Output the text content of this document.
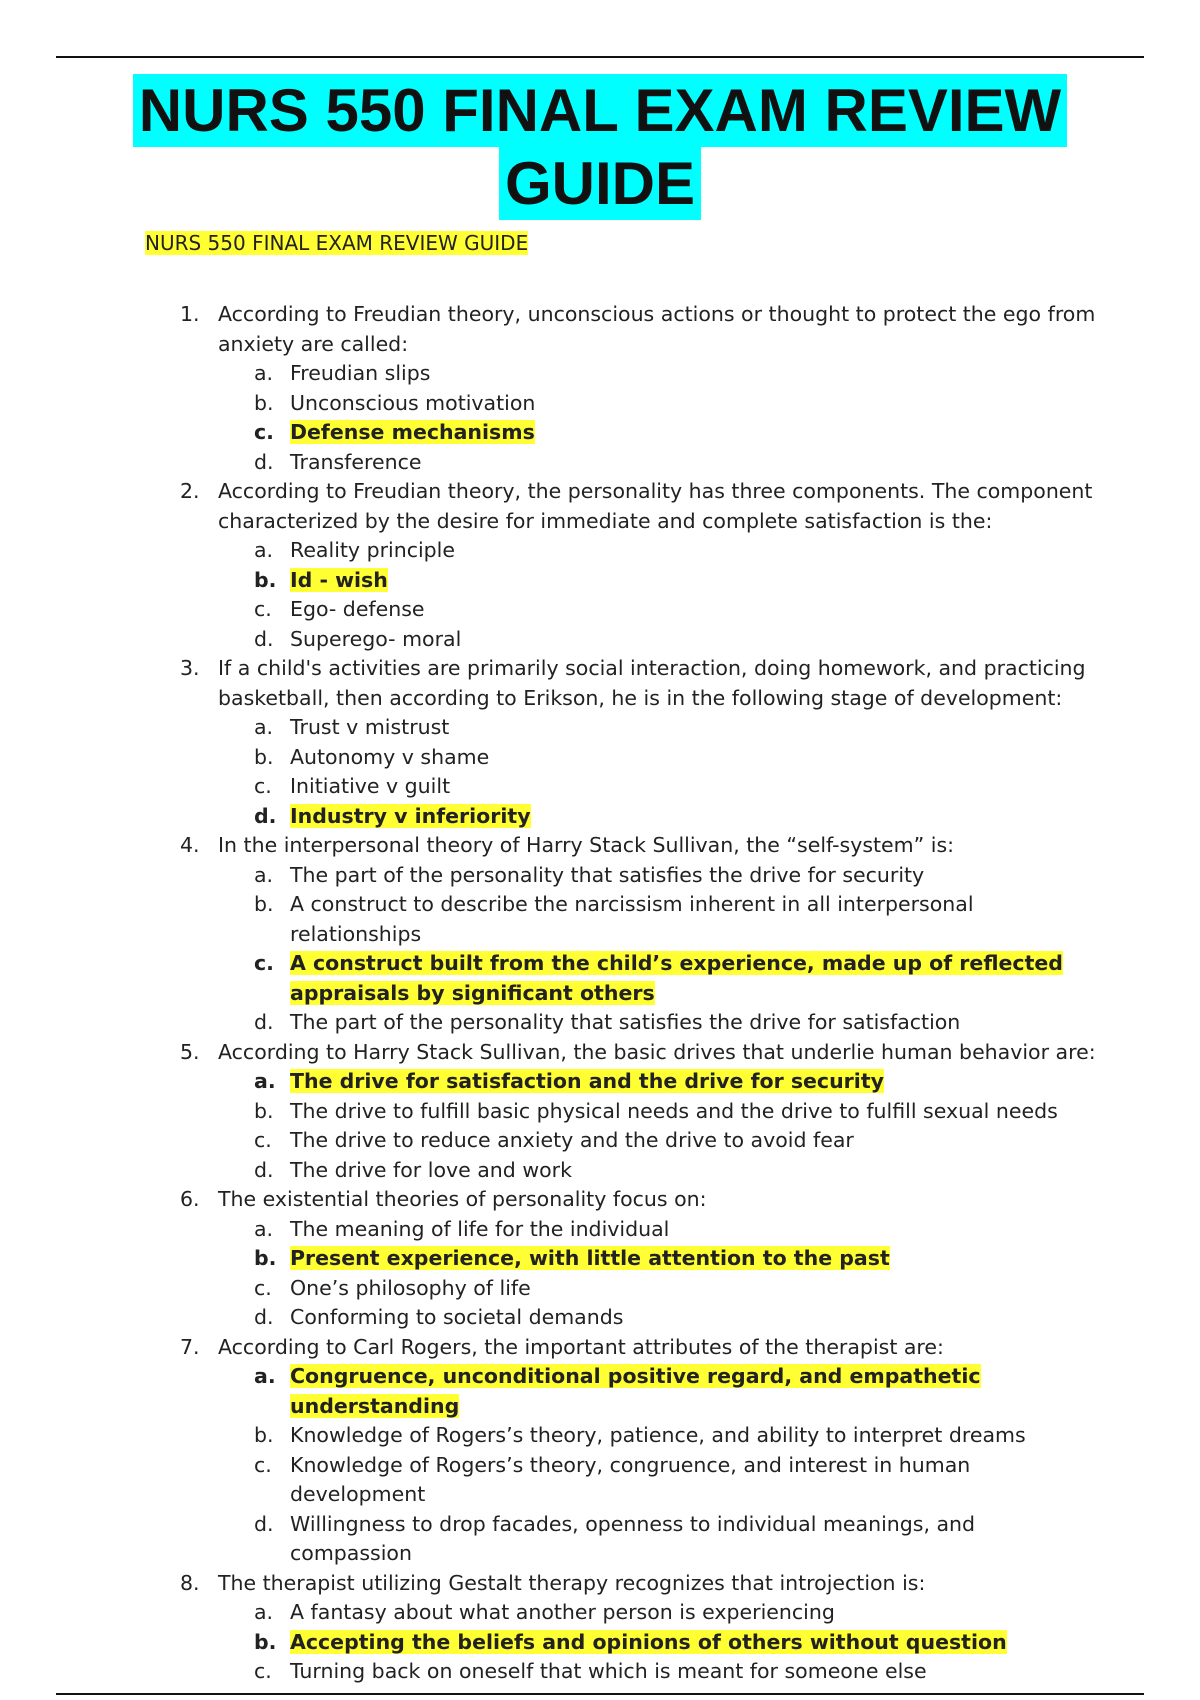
NURS 550 FINAL EXAM REVIEW
GUIDE
NURS 550 FINAL EXAM REVIEW GUIDE
1. According to Freudian theory, unconscious actions or thought to protect the ego from anxiety are called:
a. Freudian slips
b. Unconscious motivation
c. Defense mechanisms
d. Transference
2. According to Freudian theory, the personality has three components. The component characterized by the desire for immediate and complete satisfaction is the:
a. Reality principle
b. Id - wish
c. Ego- defense
d. Superego- moral
3. If a child's activities are primarily social interaction, doing homework, and practicing basketball, then according to Erikson, he is in the following stage of development:
a. Trust v mistrust
b. Autonomy v shame
c. Initiative v guilt
d. Industry v inferiority
4. In the interpersonal theory of Harry Stack Sullivan, the “self-system” is:
a. The part of the personality that satisfies the drive for security
b. A construct to describe the narcissism inherent in all interpersonal relationships
c. A construct built from the child’s experience, made up of reflected appraisals by significant others
d. The part of the personality that satisfies the drive for satisfaction
5. According to Harry Stack Sullivan, the basic drives that underlie human behavior are:
a. The drive for satisfaction and the drive for security
b. The drive to fulfill basic physical needs and the drive to fulfill sexual needs
c. The drive to reduce anxiety and the drive to avoid fear
d. The drive for love and work
6. The existential theories of personality focus on:
a. The meaning of life for the individual
b. Present experience, with little attention to the past
c. One’s philosophy of life
d. Conforming to societal demands
7. According to Carl Rogers, the important attributes of the therapist are:
a. Congruence, unconditional positive regard, and empathetic understanding
b. Knowledge of Rogers’s theory, patience, and ability to interpret dreams
c. Knowledge of Rogers’s theory, congruence, and interest in human development
d. Willingness to drop facades, openness to individual meanings, and compassion
8. The therapist utilizing Gestalt therapy recognizes that introjection is:
a. A fantasy about what another person is experiencing
b. Accepting the beliefs and opinions of others without question
c. Turning back on oneself that which is meant for someone else
